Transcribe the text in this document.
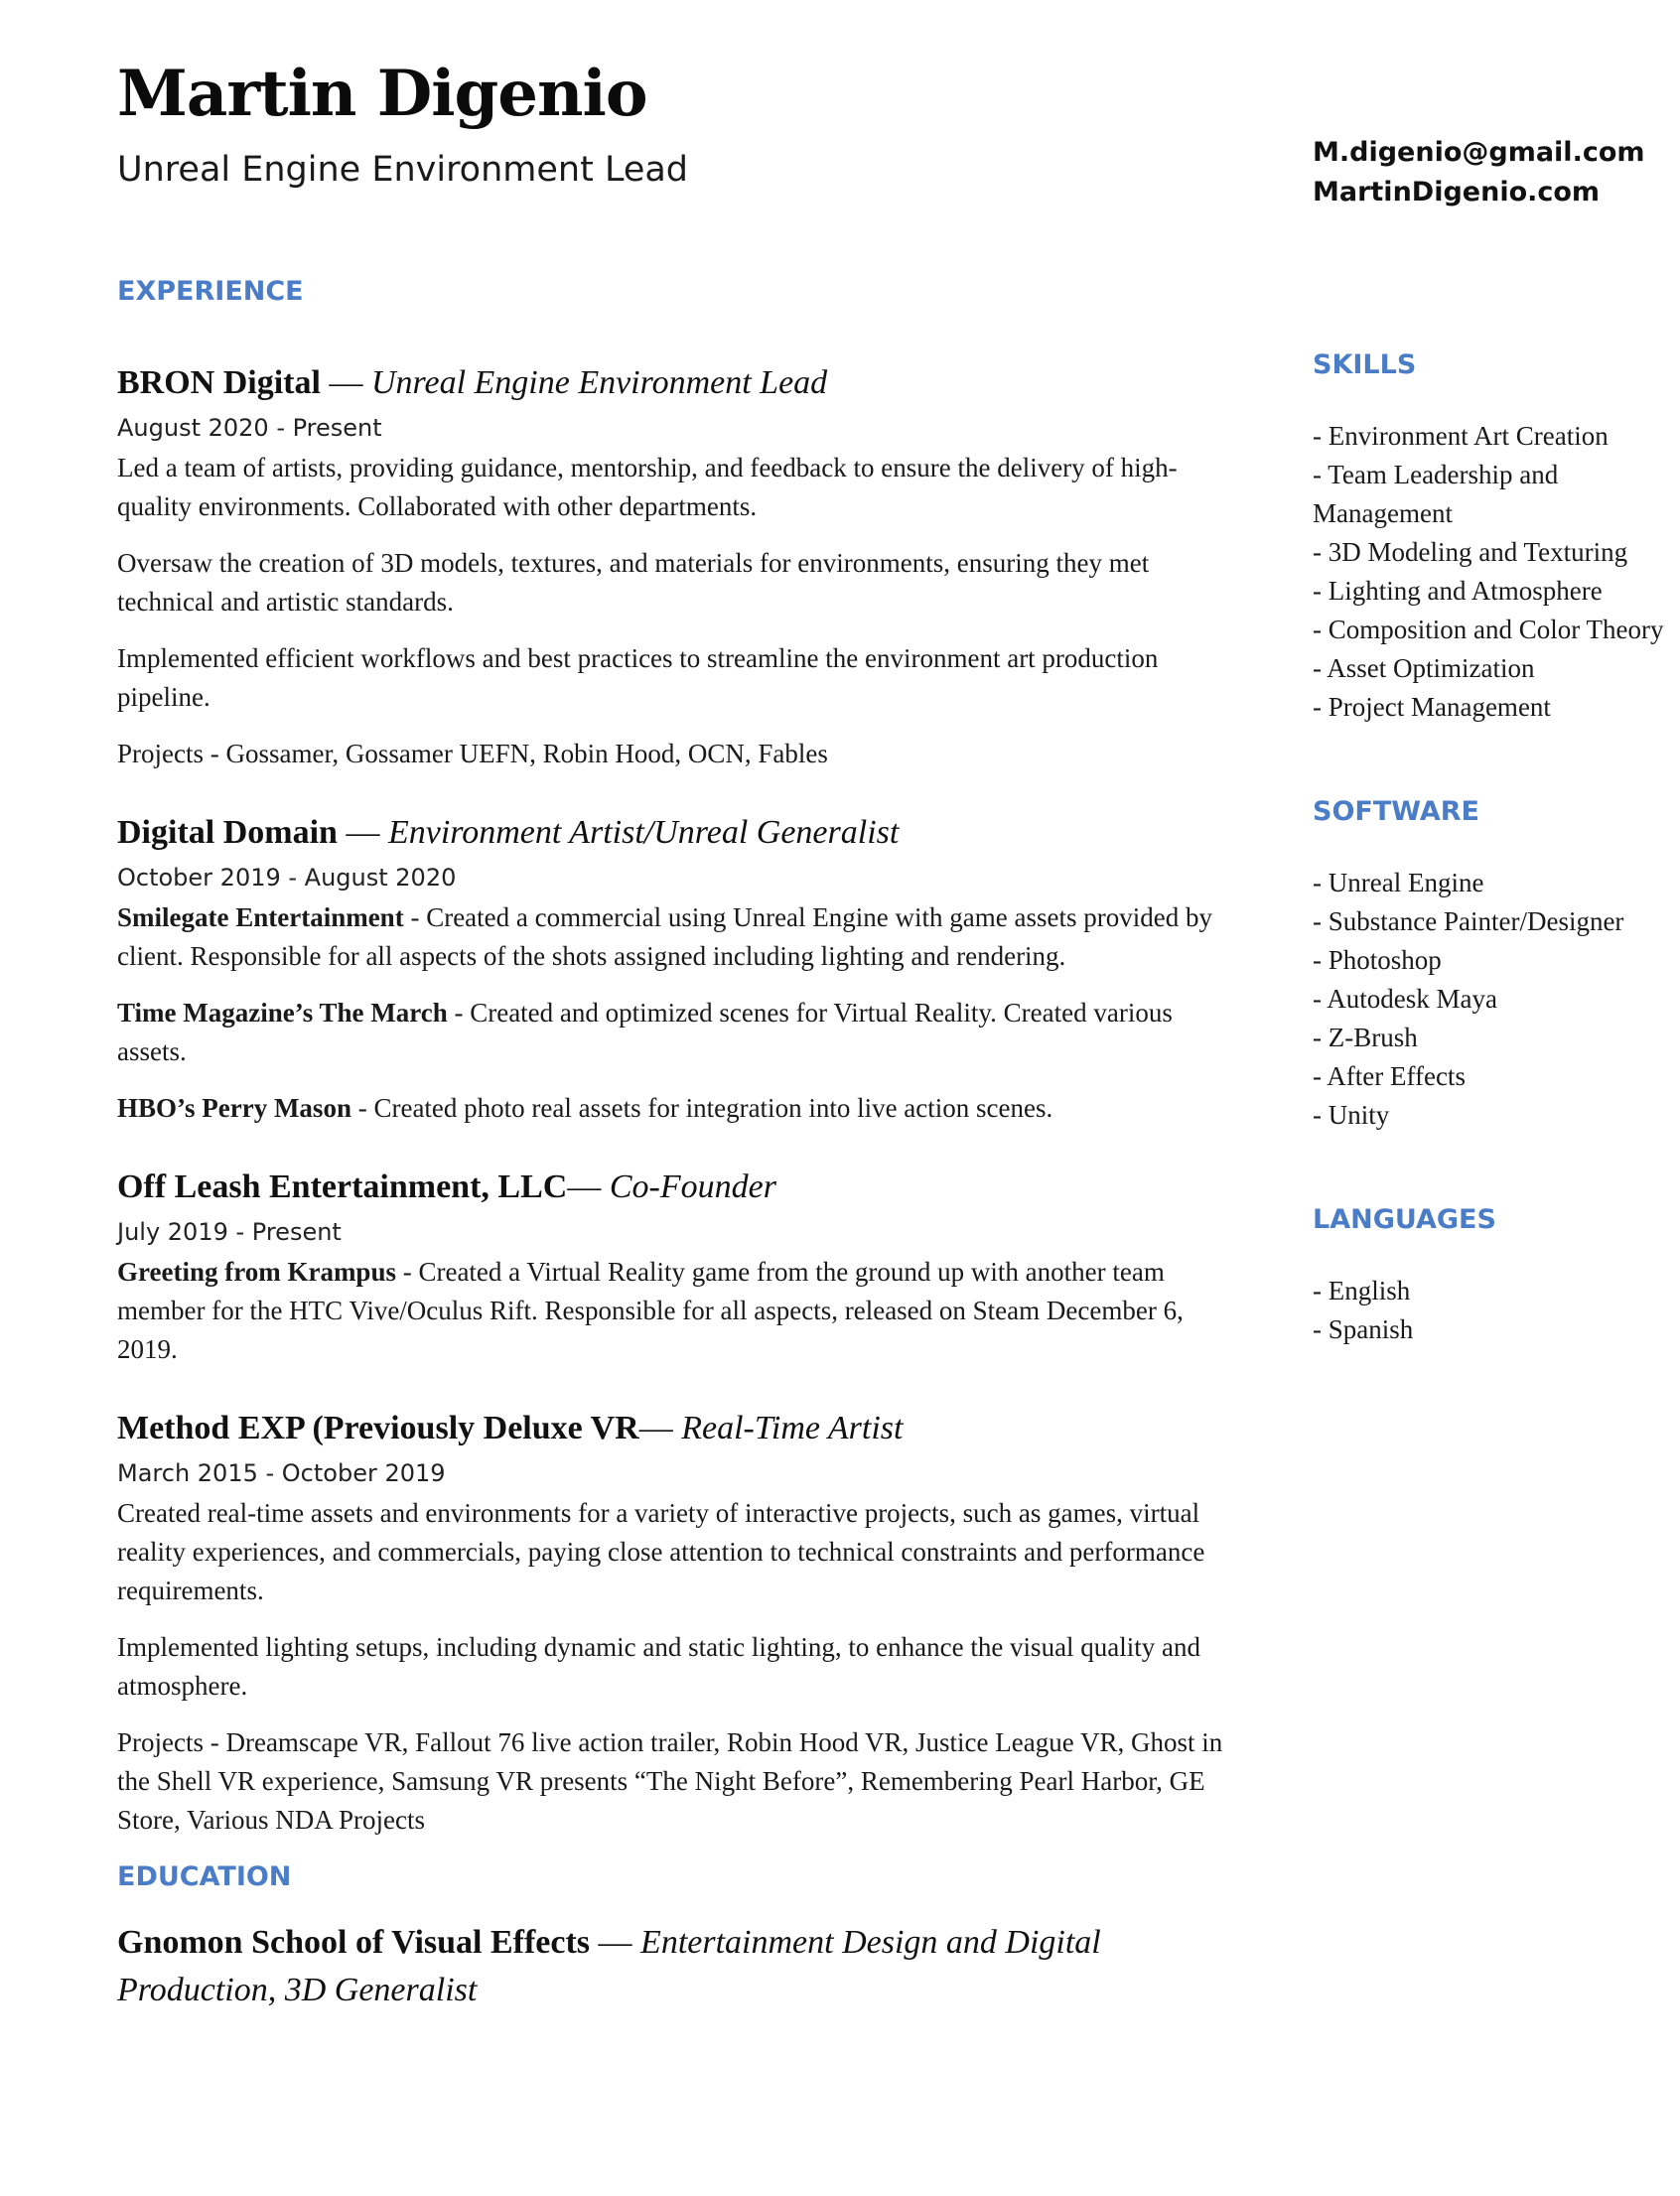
Martin Digenio
Unreal Engine Environment Lead	M.digenio@gmail.com
MartinDigenio.com
EXPERIENCE

BRON Digital — Unreal Engine Environment Lead

August 2020 - Present

Led a team of artists, providing guidance, mentorship, and feedback to ensure the delivery of high-quality environments. Collaborated with other departments.

Oversaw the creation of 3D models, textures, and materials for environments, ensuring they met technical and artistic standards.

Implemented efficient workflows and best practices to streamline the environment art production pipeline.

Projects - Gossamer, Gossamer UEFN, Robin Hood, OCN, Fables

Digital Domain — Environment Artist/Unreal Generalist

October 2019 - August 2020

Smilegate Entertainment - Created a commercial using Unreal Engine with game assets provided by client. Responsible for all aspects of the shots assigned including lighting and rendering.

Time Magazine’s The March - Created and optimized scenes for Virtual Reality. Created various assets.

HBO’s Perry Mason - Created photo real assets for integration into live action scenes.

Off Leash Entertainment, LLC— Co-Founder

July 2019 - Present

Greeting from Krampus - Created a Virtual Reality game from the ground up with another team member for the HTC Vive/Oculus Rift. Responsible for all aspects, released on Steam December 6, 2019.

Method EXP (Previously Deluxe VR— Real-Time Artist

March 2015 - October 2019

Created real-time assets and environments for a variety of interactive projects, such as games, virtual reality experiences, and commercials, paying close attention to technical constraints and performance requirements.

Implemented lighting setups, including dynamic and static lighting, to enhance the visual quality and atmosphere.

Projects - Dreamscape VR, Fallout 76 live action trailer, Robin Hood VR, Justice League VR, Ghost in the Shell VR experience, Samsung VR presents “The Night Before”, Remembering Pearl Harbor, GE Store, Various NDA Projects

EDUCATION

Gnomon School of Visual Effects — Entertainment Design and Digital Production, 3D Generalist

SKILLS
- Environment Art Creation
- Team Leadership and Management
- 3D Modeling and Texturing
- Lighting and Atmosphere
- Composition and Color Theory
- Asset Optimization
- Project Management
SOFTWARE
- Unreal Engine
- Substance Painter/Designer
- Photoshop
- Autodesk Maya
- Z-Brush
- After Effects
- Unity
LANGUAGES
- English
- Spanish
